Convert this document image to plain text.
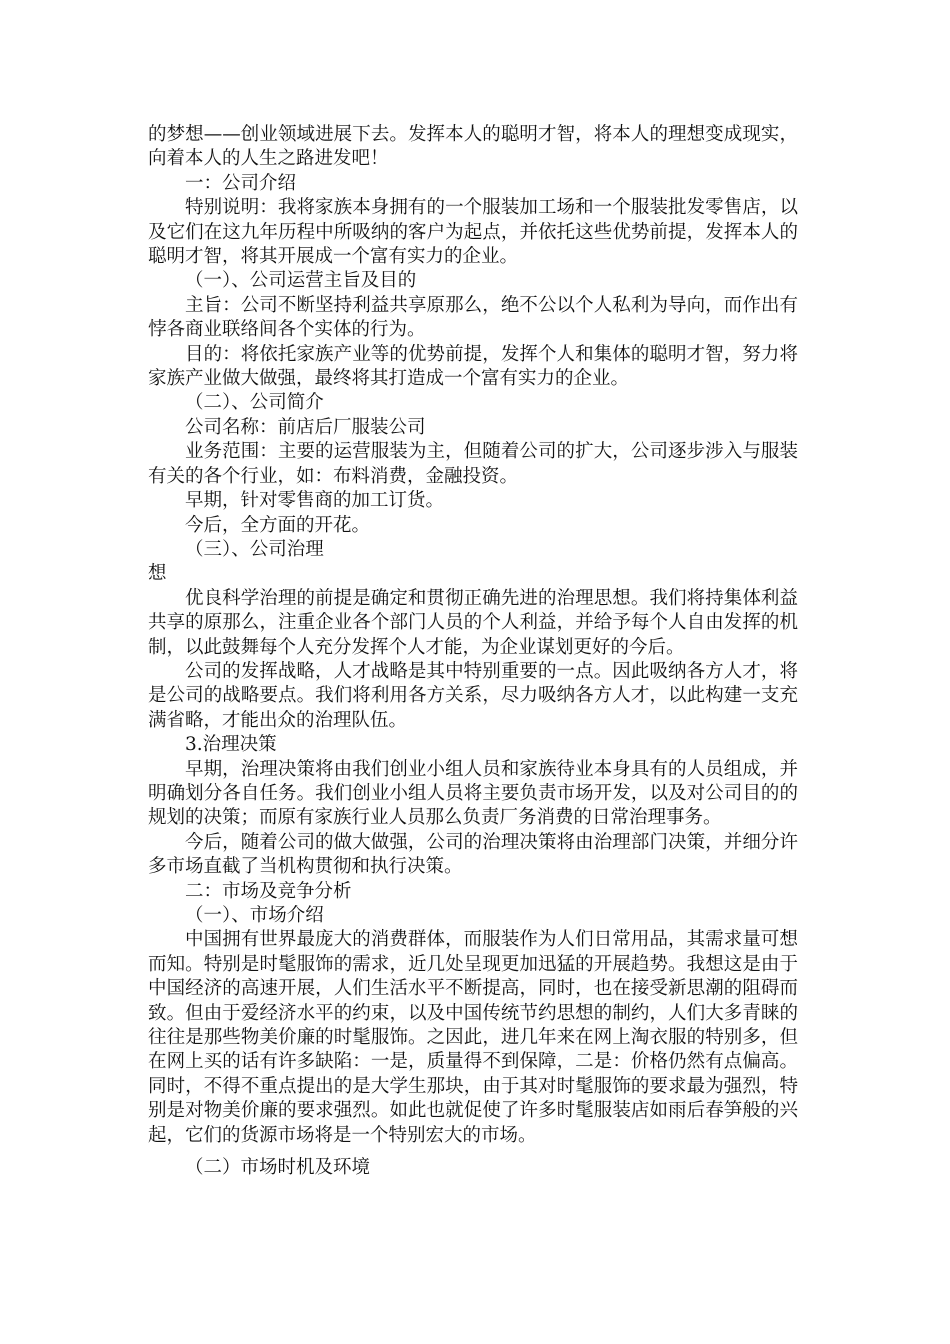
的梦想——创业领域进展下去。发挥本人的聪明才智，将本人的理想变成现实，向着本人的人生之路进发吧！

一：公司介绍

特别说明：我将家族本身拥有的一个服装加工场和一个服装批发零售店，以及它们在这九年历程中所吸纳的客户为起点，并依托这些优势前提，发挥本人的聪明才智，将其开展成一个富有实力的企业。

（一）、公司运营主旨及目的

主旨：公司不断坚持利益共享原那么，绝不公以个人私利为导向，而作出有悖各商业联络间各个实体的行为。

目的：将依托家族产业等的优势前提，发挥个人和集体的聪明才智，努力将家族产业做大做强，最终将其打造成一个富有实力的企业。

（二）、公司简介

公司名称：前店后厂服装公司

业务范围：主要的运营服装为主，但随着公司的扩大，公司逐步涉入与服装有关的各个行业，如：布料消费，金融投资。

早期，针对零售商的加工订货。

今后，全方面的开花。

（三）、公司治理

想

优良科学治理的前提是确定和贯彻正确先进的治理思想。我们将持集体利益共享的原那么，注重企业各个部门人员的个人利益，并给予每个人自由发挥的机制，以此鼓舞每个人充分发挥个人才能，为企业谋划更好的今后。

公司的发挥战略，人才战略是其中特别重要的一点。因此吸纳各方人才，将是公司的战略要点。我们将利用各方关系，尽力吸纳各方人才，以此构建一支充满省略，才能出众的治理队伍。

3.治理决策

早期，治理决策将由我们创业小组人员和家族待业本身具有的人员组成，并明确划分各自任务。我们创业小组人员将主要负责市场开发，以及对公司目的的规划的决策；而原有家族行业人员那么负责厂务消费的日常治理事务。

今后，随着公司的做大做强，公司的治理决策将由治理部门决策，并细分许多市场直截了当机构贯彻和执行决策。

二：市场及竞争分析

（一）、市场介绍

中国拥有世界最庞大的消费群体，而服装作为人们日常用品，其需求量可想而知。特别是时髦服饰的需求，近几处呈现更加迅猛的开展趋势。我想这是由于中国经济的高速开展，人们生活水平不断提高，同时，也在接受新思潮的阻碍而致。但由于爱经济水平的约束，以及中国传统节约思想的制约，人们大多青睐的往往是那些物美价廉的时髦服饰。之因此，进几年来在网上淘衣服的特别多，但在网上买的话有许多缺陷：一是，质量得不到保障，二是：价格仍然有点偏高。同时，不得不重点提出的是大学生那块，由于其对时髦服饰的要求最为强烈，特别是对物美价廉的要求强烈。如此也就促使了许多时髦服装店如雨后春笋般的兴起，它们的货源市场将是一个特别宏大的市场。

（二）市场时机及环境
